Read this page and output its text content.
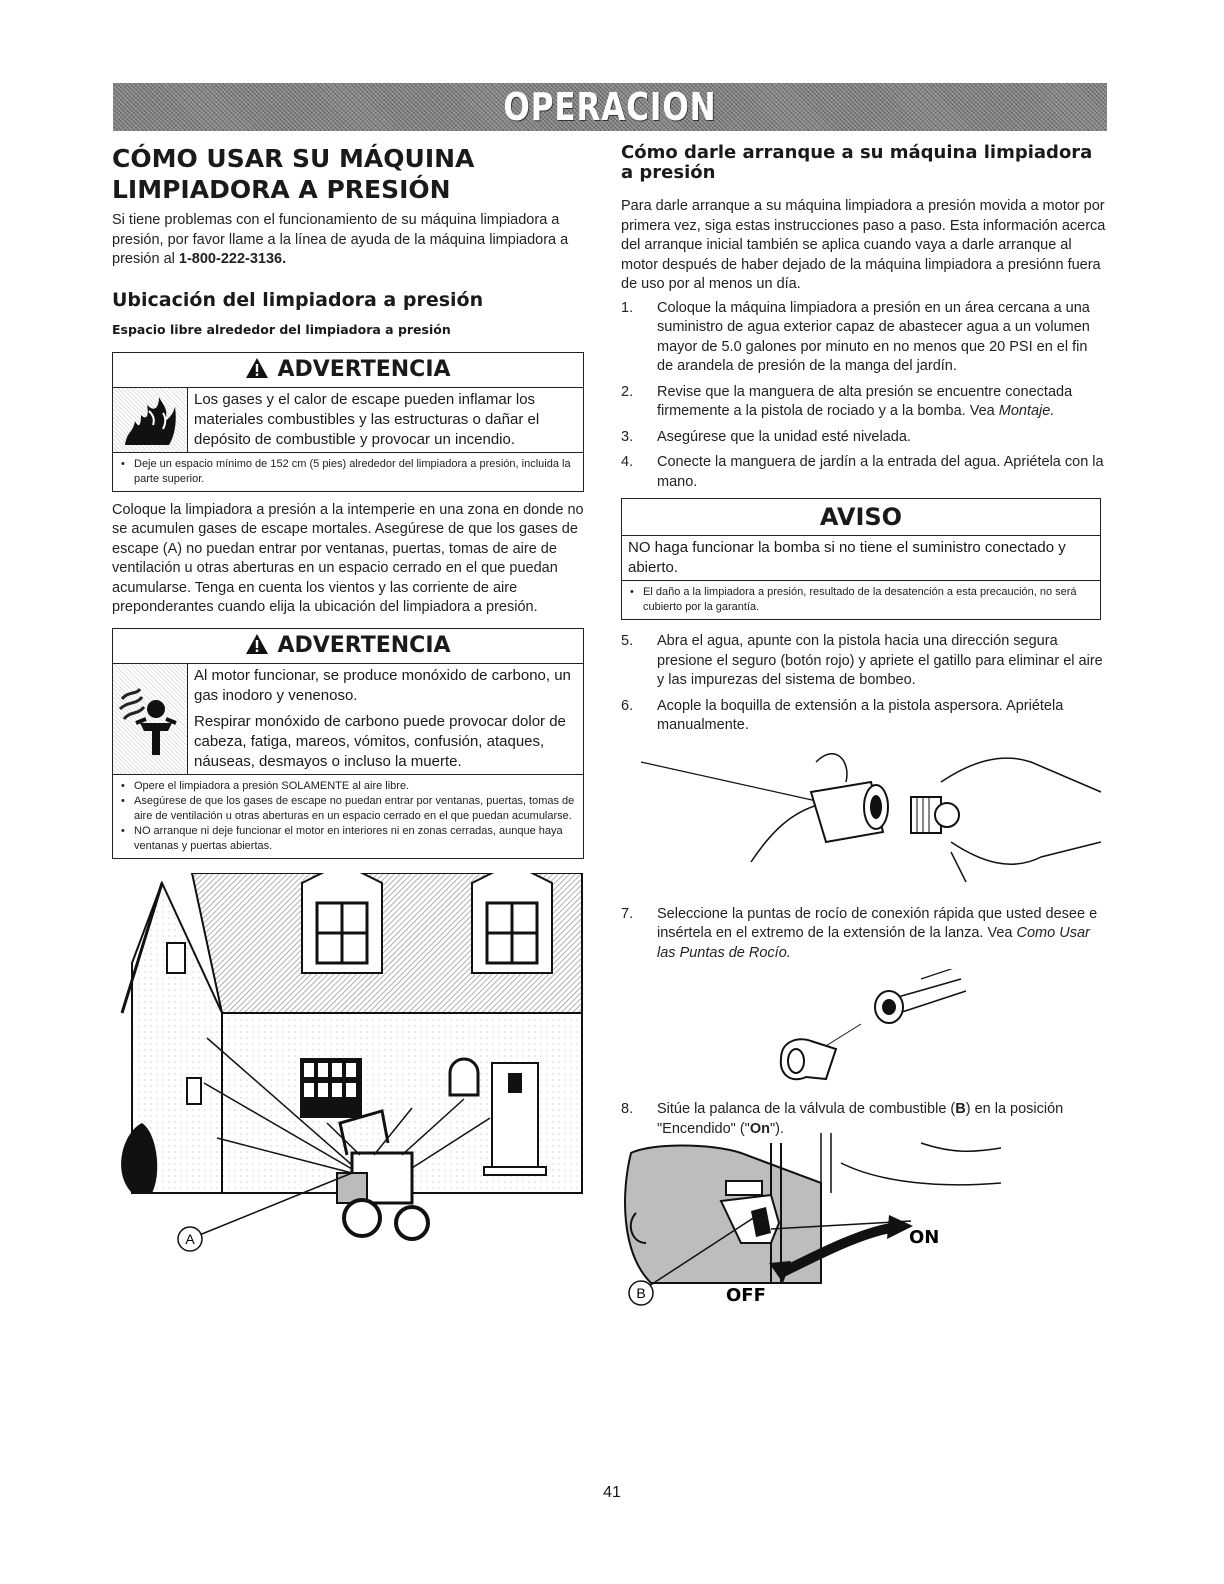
OPERACION
CÓMO USAR SU MÁQUINA LIMPIADORA A PRESIÓN

Si tiene problemas con el funcionamiento de su máquina limpiadora a presión, por favor llame a la línea de ayuda de la máquina limpiadora a presión al 1-800-222-3136.

Ubicación del limpiadora a presión
Espacio libre alrededor del limpiadora a presión
ADVERTENCIA

Los gases y el calor de escape pueden inflamar los materiales combustibles y las estructuras o dañar el depósito de combustible y provocar un incendio.

• Deje un espacio mínimo de 152 cm (5 pies) alrededor del limpiadora a presión, incluida la parte superior.

Coloque la limpiadora a presión a la intemperie en una zona en donde no se acumulen gases de escape mortales. Asegúrese de que los gases de escape (A) no puedan entrar por ventanas, puertas, tomas de aire de ventilación u otras aberturas en un espacio cerrado en el que puedan acumularse. Tenga en cuenta los vientos y las corriente de aire preponderantes cuando elija la ubicación del limpiadora a presión.

ADVERTENCIA

Al motor funcionar, se produce monóxido de carbono, un gas inodoro y venenoso.

Respirar monóxido de carbono puede provocar dolor de cabeza, fatiga, mareos, vómitos, confusión, ataques, náuseas, desmayos o incluso la muerte.

• Opere el limpiadora a presión SOLAMENTE al aire libre.
• Asegúrese de que los gases de escape no puedan entrar por ventanas, puertas, tomas de aire de ventilación u otras aberturas en un espacio cerrado en el que puedan acumularse.
• NO arranque ni deje funcionar el motor en interiores ni en zonas cerradas, aunque haya ventanas y puertas abiertas.
A
Cómo darle arranque a su máquina limpiadora a presión

Para darle arranque a su máquina limpiadora a presión movida a motor por primera vez, siga estas instrucciones paso a paso. Esta información acerca del arranque inicial también se aplica cuando vaya a darle arranque al motor después de haber dejado de la máquina limpiadora a presiónn fuera de uso por al menos un día.

1. Coloque la máquina limpiadora a presión en un área cercana a una suministro de agua exterior capaz de abastecer agua a un volumen mayor de 5.0 galones por minuto en no menos que 20 PSI en el fin de arandela de presión de la manga del jardín.
2. Revise que la manguera de alta presión se encuentre conectada firmemente a la pistola de rociado y a la bomba. Vea Montaje.
3. Asegúrese que la unidad esté nivelada.
4. Conecte la manguera de jardín a la entrada del agua. Apriételа con la mano.
AVISO
NO haga funcionar la bomba si no tiene el suministro conectado y abierto.
• El daño a la limpiadora a presión, resultado de la desatención a esta precaución, no será cubierto por la garantía.
5. Abra el agua, apunte con la pistola hacia una dirección segura presione el seguro (botón rojo) y apriete el gatillo para eliminar el aire y las impurezas del sistema de bombeo.
6. Acople la boquilla de extensión a la pistola aspersora. Apriétela manualmente.
7. Seleccione la puntas de rocío de conexión rápida que usted desee e insértela en el extremo de la extensión de la lanza. Vea Como Usar las Puntas de Rocío.
8. Sitúe la palanca de la válvula de combustible (B) en la posición "Encendido" ("On").
B
ON
OFF
41
